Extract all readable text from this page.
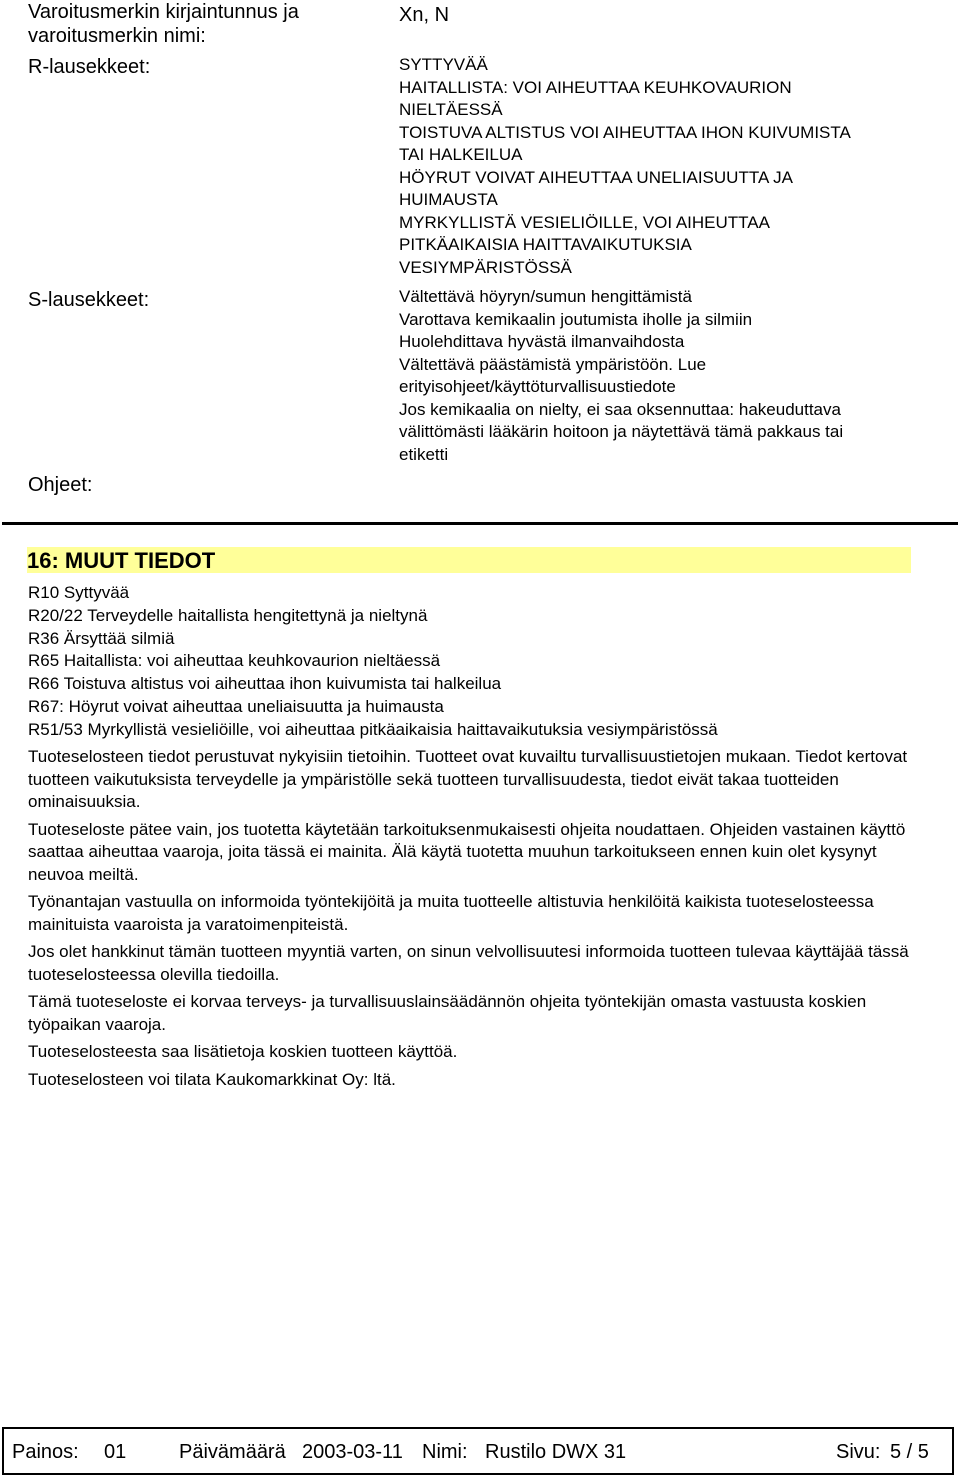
Varoitusmerkin kirjaintunnus ja varoitusmerkin nimi:
R-lausekkeet:
S-lausekkeet:
Ohjeet:
Xn, N
SYTTYVÄÄ
HAITALLISTA: VOI AIHEUTTAA KEUHKOVAURION
NIELTÄESSÄ
TOISTUVA ALTISTUS VOI AIHEUTTAA IHON KUIVUMISTA
TAI HALKEILUA
HÖYRUT VOIVAT AIHEUTTAA UNELIAISUUTTA JA
HUIMAUSTA
MYRKYLLISTÄ VESIELIÖILLE, VOI AIHEUTTAA
PITKÄAIKAISIA HAITTAVAIKUTUKSIA
VESIYMPÄRISTÖSSÄ
Vältettävä höyryn/sumun hengittämistä
Varottava kemikaalin joutumista iholle ja silmiin
Huolehdittava hyvästä ilmanvaihdosta
Vältettävä päästämistä ympäristöön. Lue
erityisohjeet/käyttöturvallisuustiedote
Jos kemikaalia on nielty, ei saa oksennuttaa: hakeuduttava
välittömästi lääkärin hoitoon ja näytettävä tämä pakkaus tai
etiketti
16: MUUT TIEDOT
R10 Syttyvää
R20/22 Terveydelle haitallista hengitettynä ja nieltynä
R36 Ärsyttää silmiä
R65 Haitallista: voi aiheuttaa keuhkovaurion nieltäessä
R66 Toistuva altistus voi aiheuttaa ihon kuivumista tai halkeilua
R67: Höyrut voivat aiheuttaa uneliaisuutta ja huimausta
R51/53 Myrkyllistä vesieliöille, voi aiheuttaa pitkäaikaisia haittavaikutuksia vesiympäristössä

Tuoteselosteen tiedot perustuvat nykyisiin tietoihin. Tuotteet ovat kuvailtu turvallisuustietojen mukaan. Tiedot kertovat tuotteen vaikutuksista terveydelle ja ympäristölle sekä tuotteen turvallisuudesta, tiedot eivät takaa tuotteiden ominaisuuksia.

Tuoteseloste pätee vain, jos tuotetta käytetään tarkoituksenmukaisesti ohjeita noudattaen. Ohjeiden vastainen käyttö saattaa aiheuttaa vaaroja, joita tässä ei mainita. Älä käytä tuotetta muuhun tarkoitukseen ennen kuin olet kysynyt neuvoa meiltä.

Työnantajan vastuulla on informoida työntekijöitä ja muita tuotteelle altistuvia henkilöitä kaikista tuoteselosteessa mainituista vaaroista ja varatoimenpiteistä.

Jos olet hankkinut tämän tuotteen myyntiä varten, on sinun velvollisuutesi informoida tuotteen tulevaa käyttäjää tässä tuoteselosteessa olevilla tiedoilla.

Tämä tuoteseloste ei korvaa terveys- ja turvallisuuslainsäädännön ohjeita työntekijän omasta vastuusta koskien työpaikan vaaroja.

Tuoteselosteesta saa lisätietoja koskien tuotteen käyttöä.

Tuoteselosteen voi tilata Kaukomarkkinat Oy: ltä.

Painos: 01	Päivämäärä 2003-03-11 Nimi: Rustilo DWX 31	Sivu: 5 / 5
